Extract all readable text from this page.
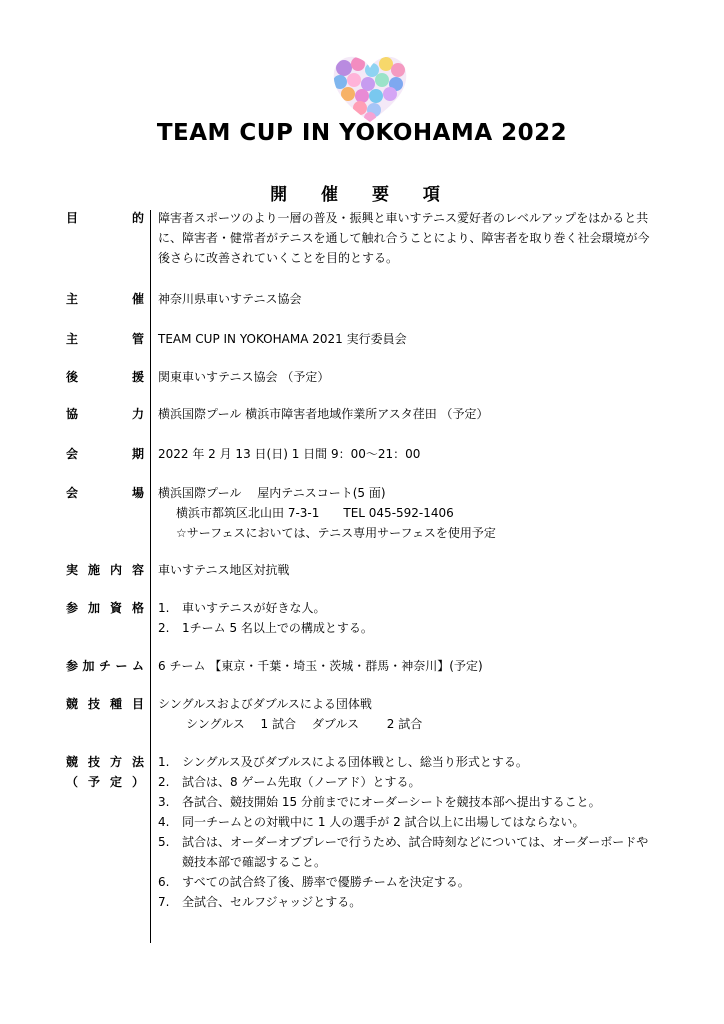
TEAM CUP IN YOKOHAMA 2022
開 催 要 項
目	的 障害者スポーツのより一層の普及・振興と車いすテニス愛好者のレベルアップをはかると共に、障害者・健常者がテニスを通して触れ合うことにより、障害者を取り巻く社会環境が今後さらに改善されていくことを目的とする。
主	催 神奈川県車いすテニス協会
主	管 TEAM CUP IN YOKOHAMA 2021 実行委員会
後	援 関東車いすテニス協会 （予定）
協	力 横浜国際プール 横浜市障害者地域作業所アスタ荏田 （予定）
会	期 2022 年 2 月 13 日(日) 1 日間 9：00～21：00
会	場 横浜国際プール　 屋内テニスコート(5 面)
横浜市都筑区北山田 7-3-1　　TEL 045-592-1406
☆サーフェスにおいては、テニス専用サーフェスを使用予定
実 施 内 容 車いすテニス地区対抗戦
参 加 資 格 1.	車いすテニスが好きな人。
2.	1チーム 5 名以上での構成とする。
参 加 チ ー ム 6 チーム 【東京・千葉・埼玉・茨城・群馬・神奈川】(予定)
競 技 種 目 シングルスおよびダブルスによる団体戦
シングルス　 1 試合　 ダブルス　　 2 試合
競 技 方 法
（ 予 定 ）
1.	シングルス及びダブルスによる団体戦とし、総当り形式とする。
2.	試合は、8 ゲーム先取（ノーアド）とする。
3.	各試合、競技開始 15 分前までにオーダーシートを競技本部へ提出すること。
4.	同一チームとの対戦中に 1 人の選手が 2 試合以上に出場してはならない。
5.	試合は、オーダーオブプレーで行うため、試合時刻などについては、オーダーボードや競技本部で確認すること。
6.	すべての試合終了後、勝率で優勝チームを決定する。
7.	全試合、セルフジャッジとする。
